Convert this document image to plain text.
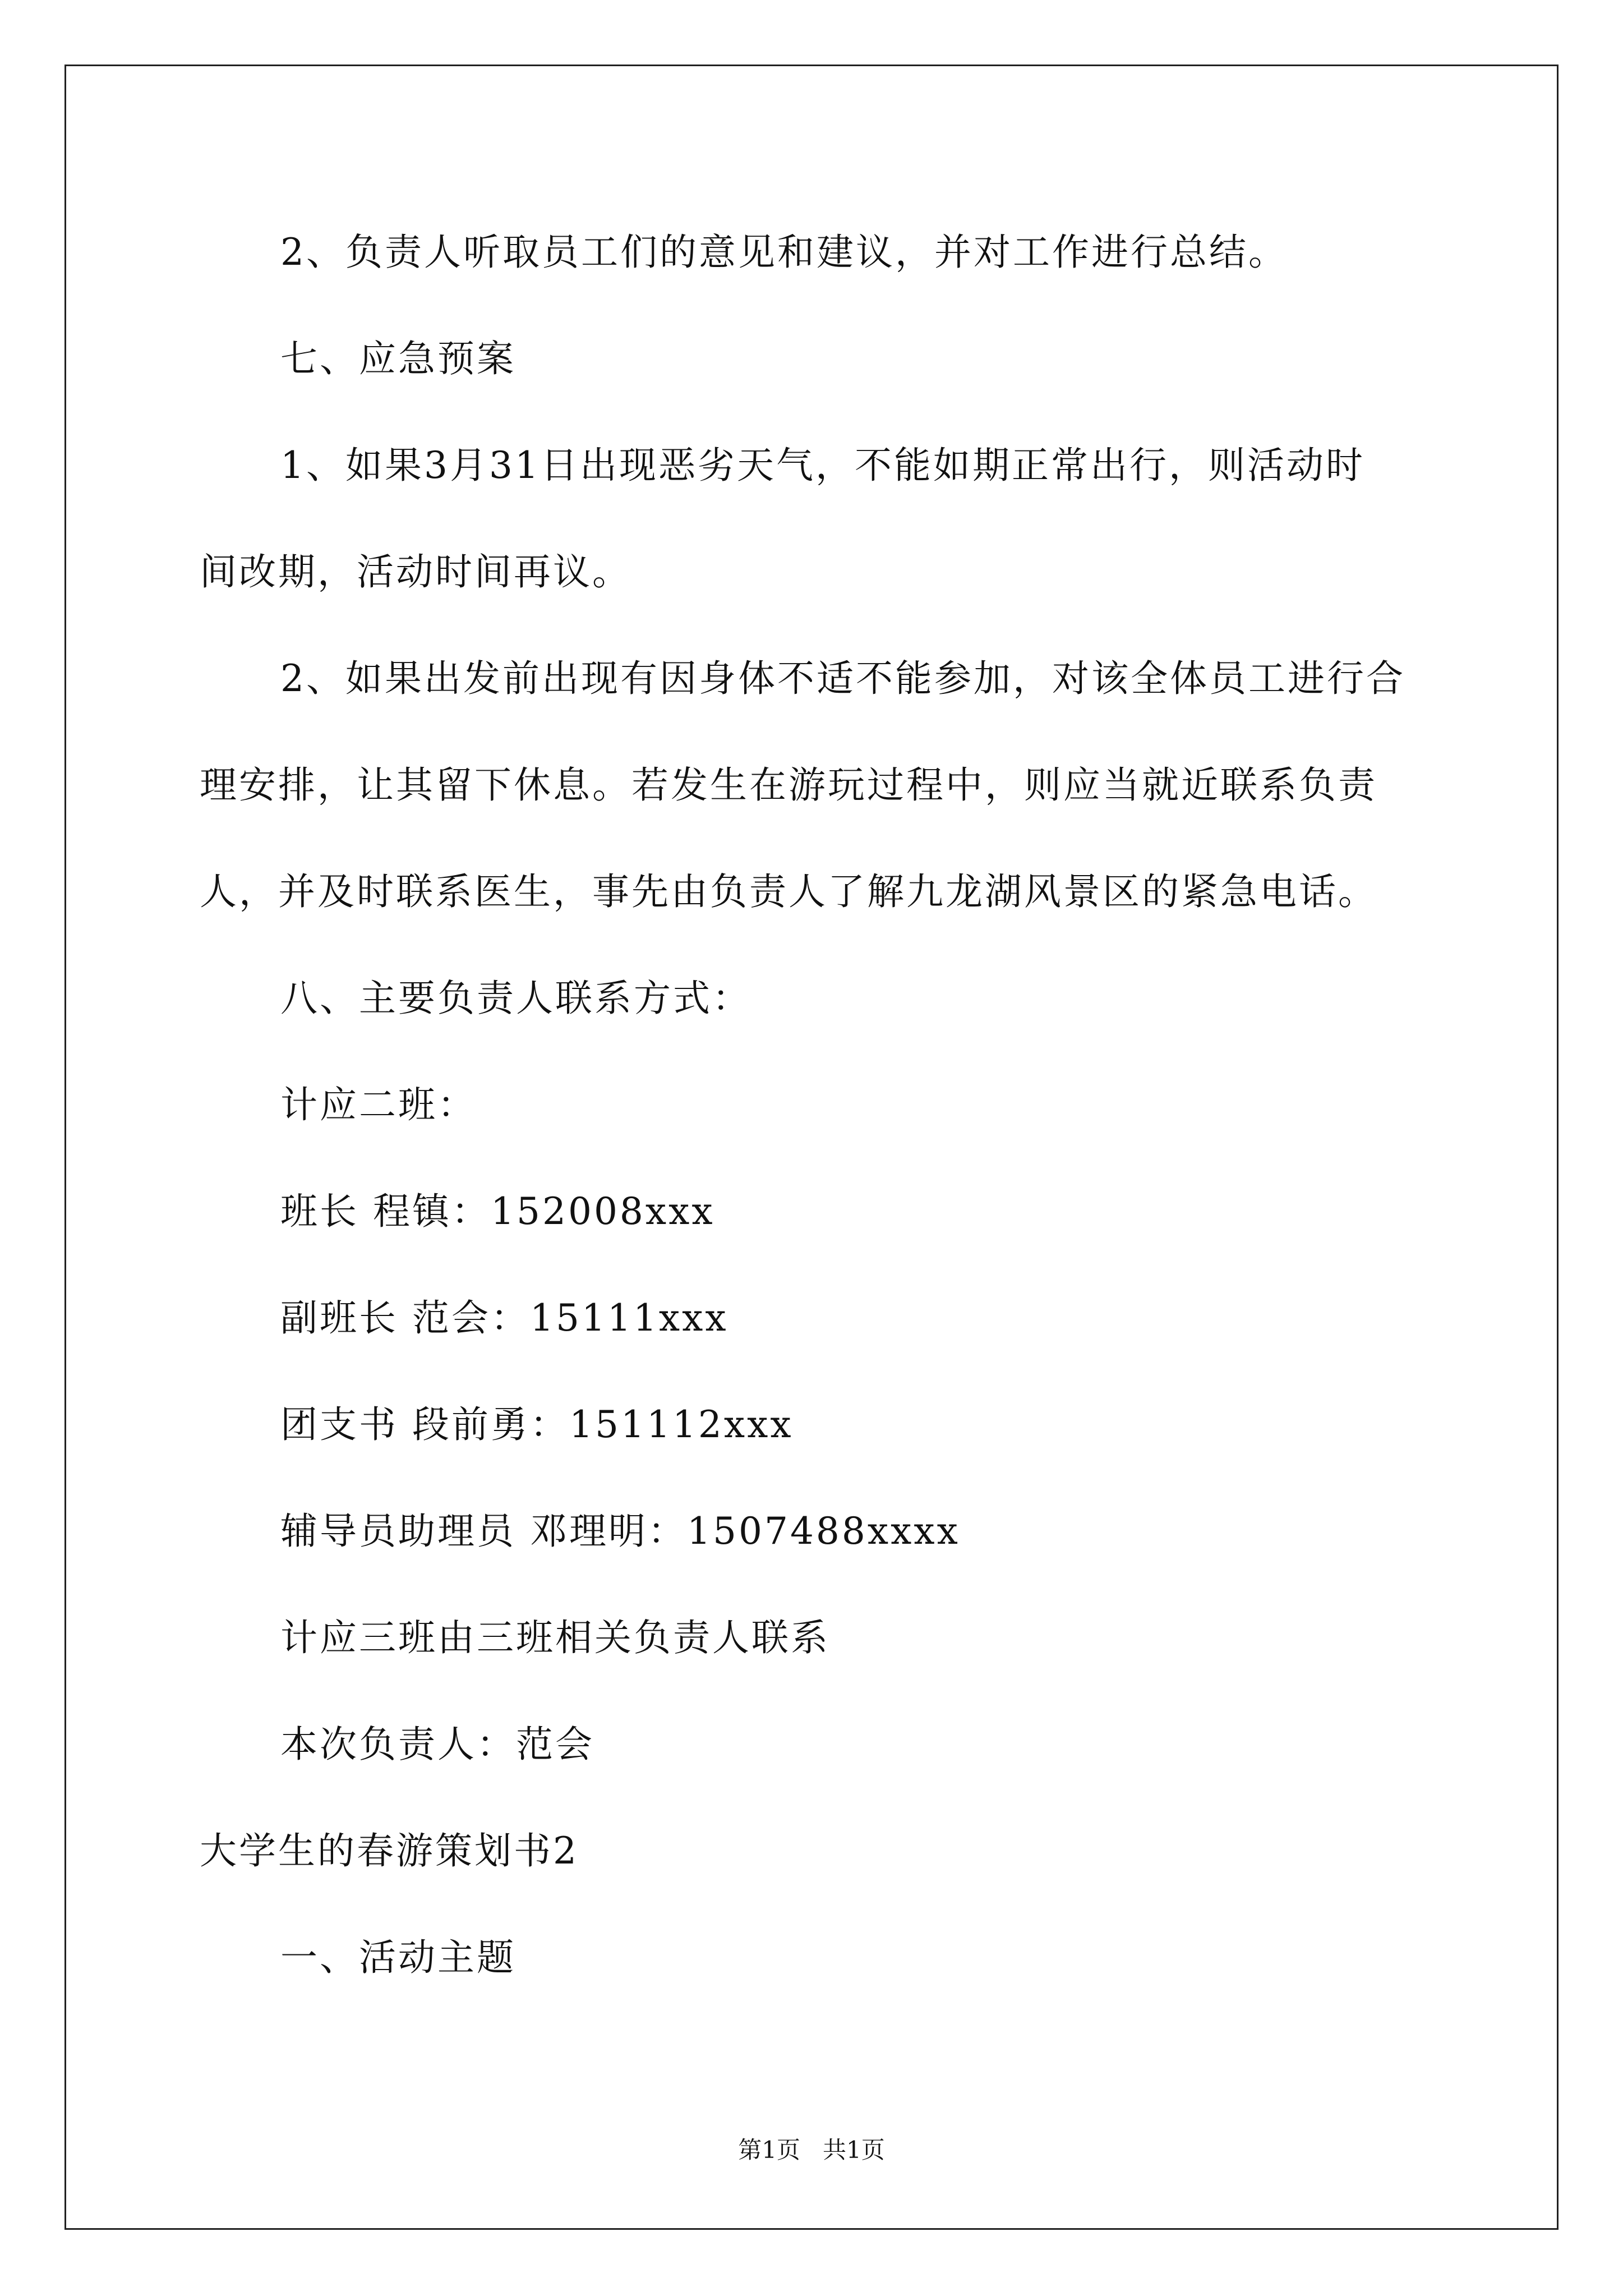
2、负责人听取员工们的意见和建议，并对工作进行总结。
七、应急预案
1、如果3月31日出现恶劣天气，不能如期正常出行，则活动时
间改期，活动时间再议。
2、如果出发前出现有因身体不适不能参加，对该全体员工进行合
理安排，让其留下休息。若发生在游玩过程中，则应当就近联系负责
人，并及时联系医生，事先由负责人了解九龙湖风景区的紧急电话。
八、主要负责人联系方式：
计应二班：
班长 程镇：152008xxx
副班长 范会：15111xxx
团支书 段前勇：151112xxx
辅导员助理员 邓理明：1507488xxxx
计应三班由三班相关负责人联系
本次负责人：范会
大学生的春游策划书2
一、活动主题
第1页   共1页
